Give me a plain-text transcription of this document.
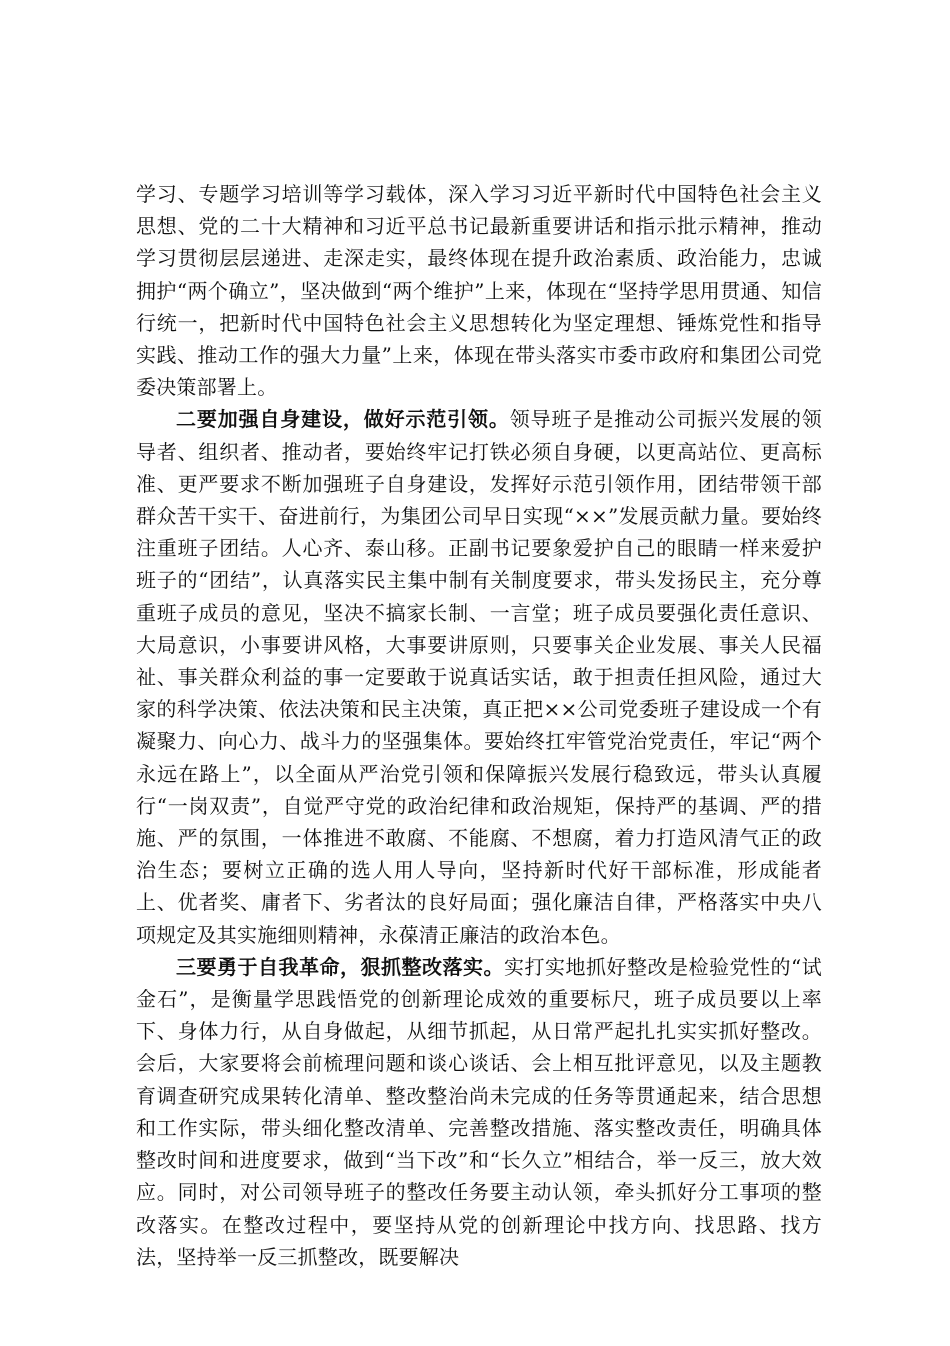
学习、专题学习培训等学习载体，深入学习习近平新时代中国特色社会主义思想、党的二十大精神和习近平总书记最新重要讲话和指示批示精神，推动学习贯彻层层递进、走深走实，最终体现在提升政治素质、政治能力，忠诚拥护“两个确立”，坚决做到“两个维护”上来，体现在“坚持学思用贯通、知信行统一，把新时代中国特色社会主义思想转化为坚定理想、锤炼党性和指导实践、推动工作的强大力量”上来，体现在带头落实市委市政府和集团公司党委决策部署上。

二要加强自身建设，做好示范引领。领导班子是推动公司振兴发展的领导者、组织者、推动者，要始终牢记打铁必须自身硬，以更高站位、更高标准、更严要求不断加强班子自身建设，发挥好示范引领作用，团结带领干部群众苦干实干、奋进前行，为集团公司早日实现“××”发展贡献力量。要始终注重班子团结。人心齐、泰山移。正副书记要象爱护自己的眼睛一样来爱护班子的“团结”，认真落实民主集中制有关制度要求，带头发扬民主，充分尊重班子成员的意见，坚决不搞家长制、一言堂；班子成员要强化责任意识、大局意识，小事要讲风格，大事要讲原则，只要事关企业发展、事关人民福祉、事关群众利益的事一定要敢于说真话实话，敢于担责任担风险，通过大家的科学决策、依法决策和民主决策，真正把××公司党委班子建设成一个有凝聚力、向心力、战斗力的坚强集体。要始终扛牢管党治党责任，牢记“两个永远在路上”，以全面从严治党引领和保障振兴发展行稳致远，带头认真履行“一岗双责”，自觉严守党的政治纪律和政治规矩，保持严的基调、严的措施、严的氛围，一体推进不敢腐、不能腐、不想腐，着力打造风清气正的政治生态；要树立正确的选人用人导向，坚持新时代好干部标准，形成能者上、优者奖、庸者下、劣者汰的良好局面；强化廉洁自律，严格落实中央八项规定及其实施细则精神，永葆清正廉洁的政治本色。

三要勇于自我革命，狠抓整改落实。实打实地抓好整改是检验党性的“试金石”，是衡量学思践悟党的创新理论成效的重要标尺，班子成员要以上率下、身体力行，从自身做起，从细节抓起，从日常严起扎扎实实抓好整改。会后，大家要将会前梳理问题和谈心谈话、会上相互批评意见，以及主题教育调查研究成果转化清单、整改整治尚未完成的任务等贯通起来，结合思想和工作实际，带头细化整改清单、完善整改措施、落实整改责任，明确具体整改时间和进度要求，做到“当下改”和“长久立”相结合，举一反三，放大效应。同时，对公司领导班子的整改任务要主动认领，牵头抓好分工事项的整改落实。在整改过程中，要坚持从党的创新理论中找方向、找思路、找方法，坚持举一反三抓整改，既要解决
